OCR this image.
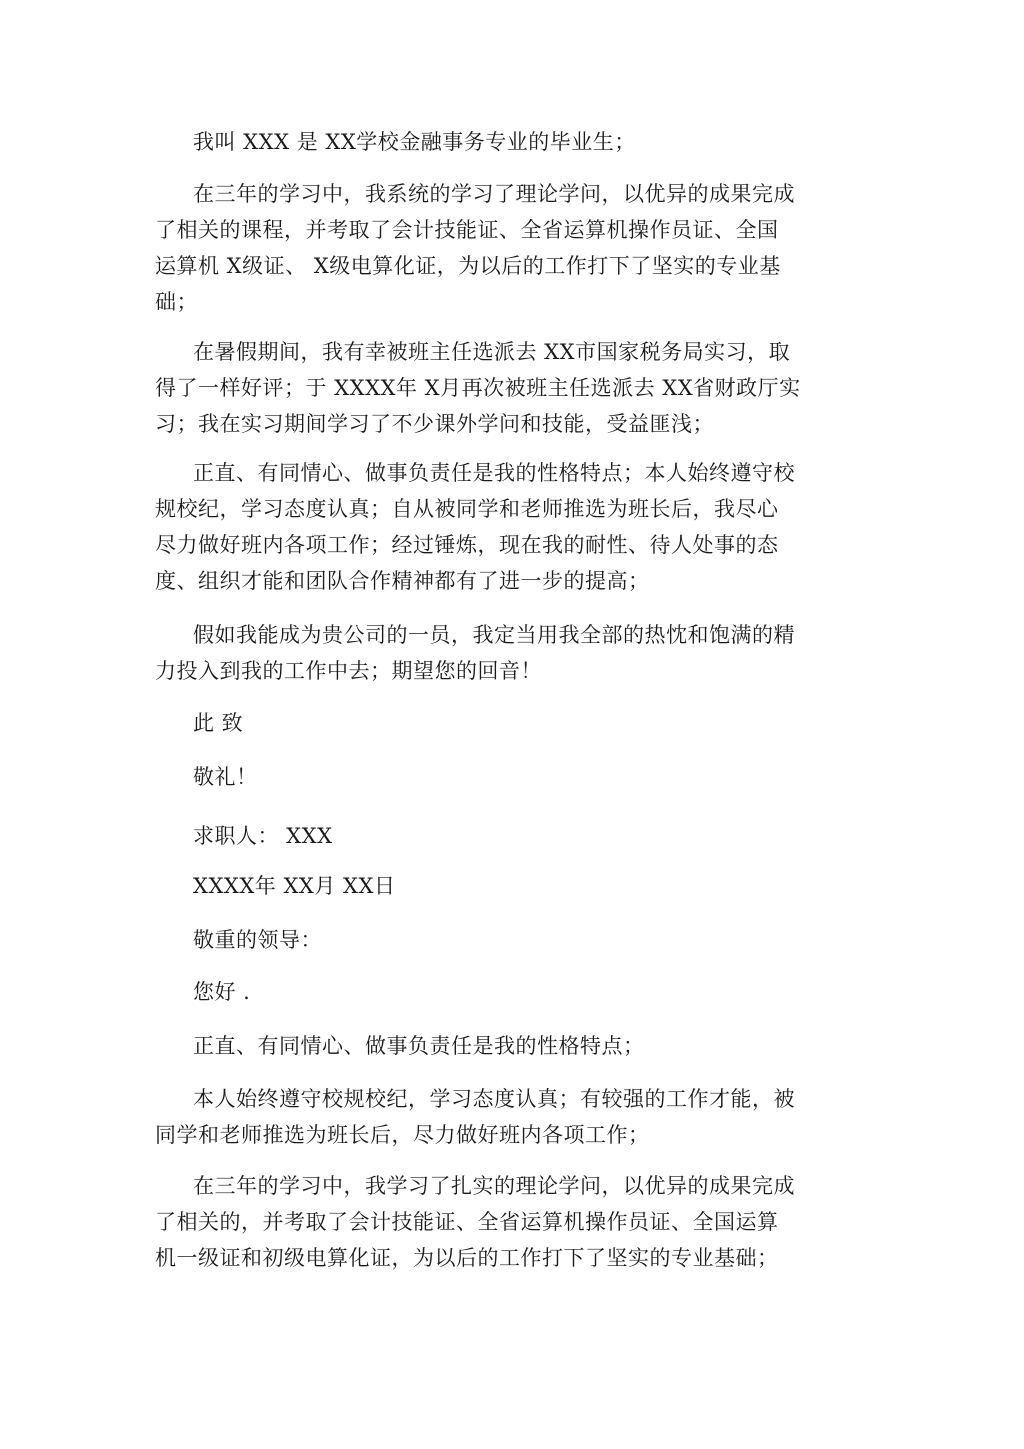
我叫 XXX 是 XX学校金融事务专业的毕业生；

在三年的学习中，我系统的学习了理论学问，以优异的成果完成
了相关的课程，并考取了会计技能证、全省运算机操作员证、全国
运算机 X级证、 X级电算化证，为以后的工作打下了坚实的专业基
础；

在暑假期间，我有幸被班主任选派去 XX市国家税务局实习，取
得了一样好评；于 XXXX年 X月再次被班主任选派去 XX省财政厅实
习；我在实习期间学习了不少课外学问和技能，受益匪浅；

正直、有同情心、做事负责任是我的性格特点；本人始终遵守校
规校纪，学习态度认真；自从被同学和老师推选为班长后，我尽心
尽力做好班内各项工作；经过锤炼，现在我的耐性、待人处事的态
度、组织才能和团队合作精神都有了进一步的提高；

假如我能成为贵公司的一员，我定当用我全部的热忱和饱满的精
力投入到我的工作中去；期望您的回音！

此 致

敬礼！

求职人： XXX

XXXX年 XX月 XX日

敬重的领导：

您好 .

正直、有同情心、做事负责任是我的性格特点；

本人始终遵守校规校纪，学习态度认真；有较强的工作才能，被
同学和老师推选为班长后，尽力做好班内各项工作；

在三年的学习中，我学习了扎实的理论学问，以优异的成果完成
了相关的，并考取了会计技能证、全省运算机操作员证、全国运算
机一级证和初级电算化证，为以后的工作打下了坚实的专业基础；
